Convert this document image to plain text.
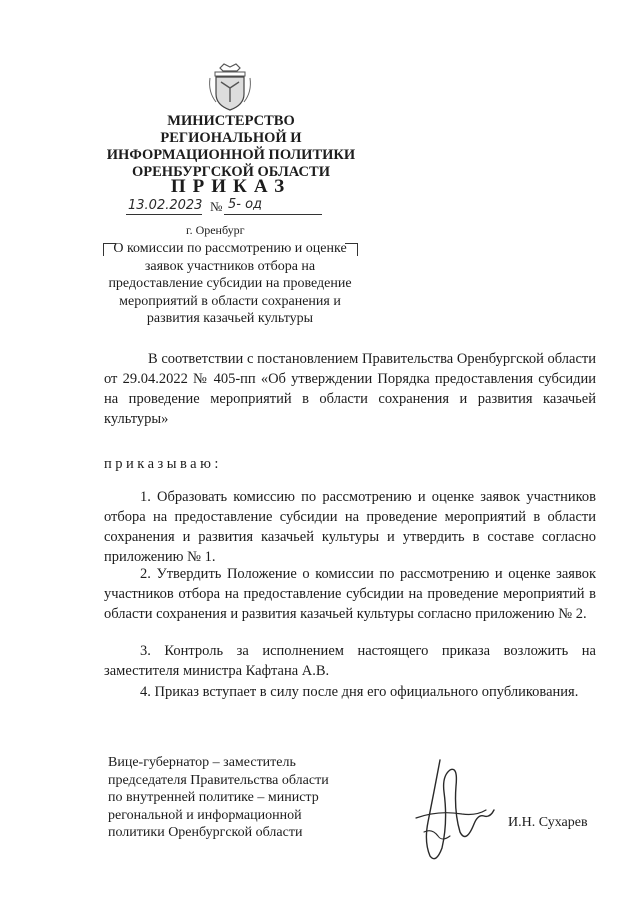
МИНИСТЕРСТВО
РЕГИОНАЛЬНОЙ И
ИНФОРМАЦИОННОЙ ПОЛИТИКИ
ОРЕНБУРГСКОЙ ОБЛАСТИ
ПРИКАЗ
13.02.2023 № 5- од
г. Оренбург
О комиссии по рассмотрению и оценке заявок участников отбора на предоставление субсидии на проведение мероприятий в области сохранения и развития казачьей культуры

В соответствии с постановлением Правительства Оренбургской области от 29.04.2022 № 405-пп «Об утверждении Порядка предоставления субсидии на проведение мероприятий в области сохранения и развития казачьей культуры»

приказываю:

1. Образовать комиссию по рассмотрению и оценке заявок участников отбора на предоставление субсидии на проведение мероприятий в области сохранения и развития казачьей культуры и утвердить в составе согласно приложению № 1.

2. Утвердить Положение о комиссии по рассмотрению и оценке заявок участников отбора на предоставление субсидии на проведение мероприятий в области сохранения и развития казачьей культуры согласно приложению № 2.

3. Контроль за исполнением настоящего приказа возложить на заместителя министра Кафтана А.В.

4. Приказ вступает в силу после дня его официального опубликования.

Вице-губернатор – заместитель
председателя Правительства области
по внутренней политике – министр
регональной и информационной
политики Оренбургской области
И.Н. Сухарев
